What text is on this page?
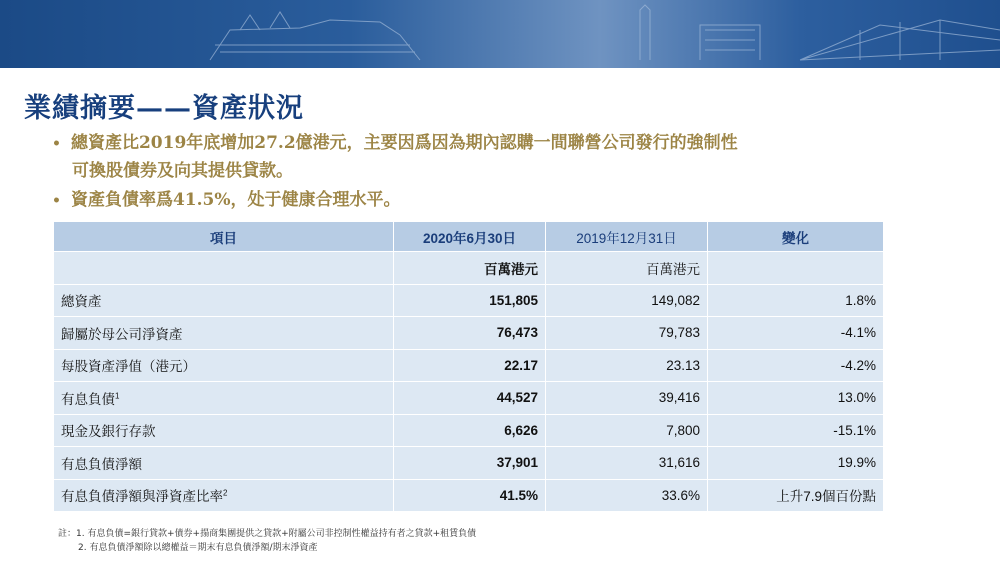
業績摘要——資產狀況
• 總資產比2019年底增加27.2億港元，主要因爲因為期內認購一間聯營公司發行的強制性
可換股債券及向其提供貸款。
• 資產負債率爲41.5%，处于健康合理水平。
項目	2020年6月30日	2019年12月31日	變化
	百萬港元	百萬港元	
總資產	151,805	149,082	1.8%
歸屬於母公司淨資產	76,473	79,783	-4.1%
每股資產淨值（港元）	22.17	23.13	-4.2%
有息負債$^1$	44,527	39,416	13.0%
現金及銀行存款	6,626	7,800	-15.1%
有息負債淨額	37,901	31,616	19.9%
有息負債淨額與淨資產比率$^2$	41.5%	33.6%	上升7.9個百份點
註：1. 有息負債=銀行貸款+債券+搨商集團提供之貸款+附屬公司非控制性權益持有者之貸款+租賃負債
2. 有息負債淨額除以總權益＝期末有息負債淨額/期末淨資產
